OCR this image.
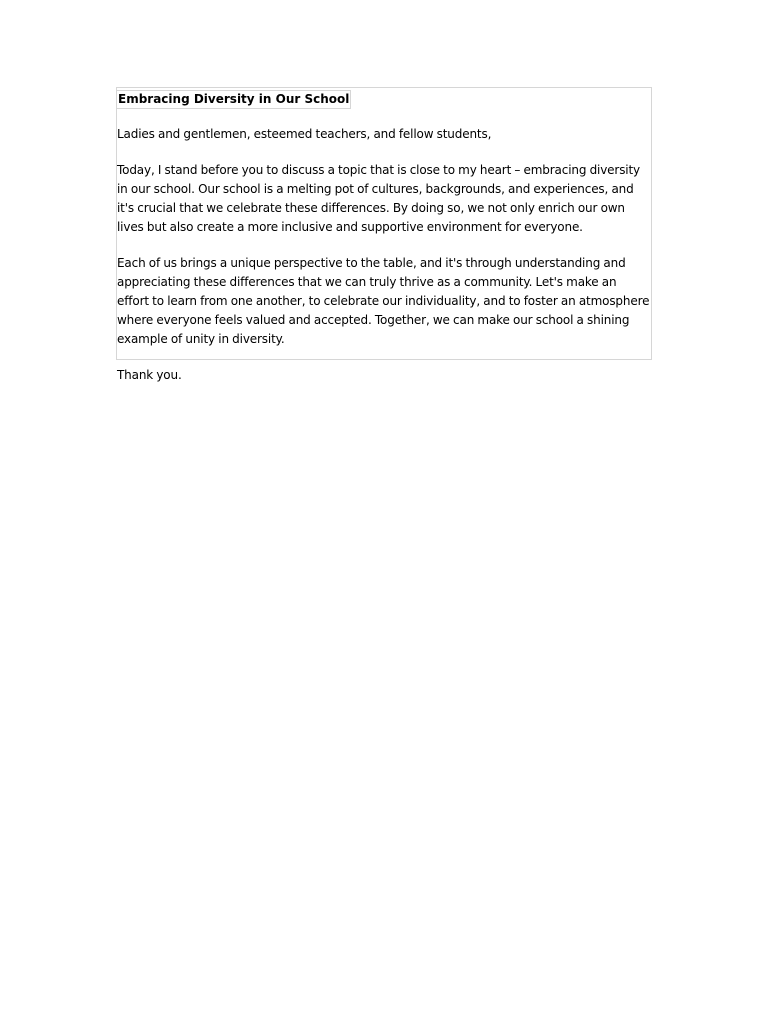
Embracing Diversity in Our School

Ladies and gentlemen, esteemed teachers, and fellow students,

Today, I stand before you to discuss a topic that is close to my heart – embracing diversity in our school. Our school is a melting pot of cultures, backgrounds, and experiences, and it's crucial that we celebrate these differences. By doing so, we not only enrich our own lives but also create a more inclusive and supportive environment for everyone.

Each of us brings a unique perspective to the table, and it's through understanding and appreciating these differences that we can truly thrive as a community. Let's make an effort to learn from one another, to celebrate our individuality, and to foster an atmosphere where everyone feels valued and accepted. Together, we can make our school a shining example of unity in diversity.

Thank you.
